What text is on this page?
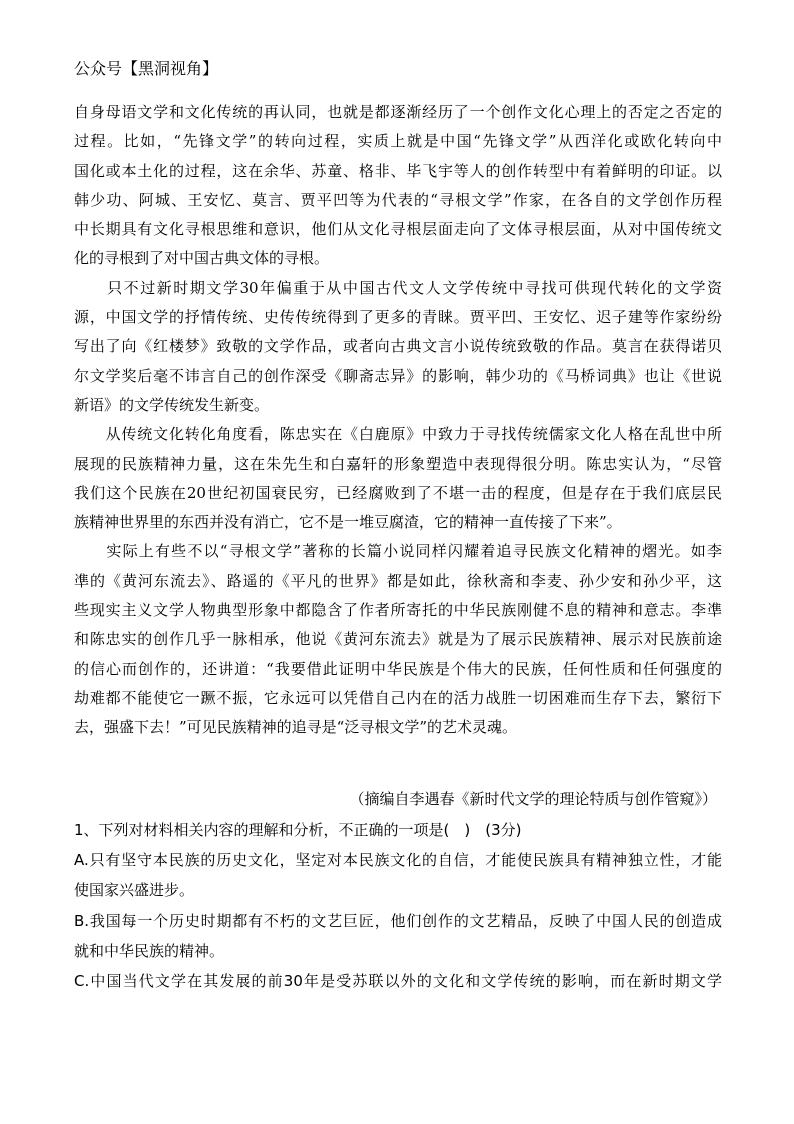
公众号【黑洞视角】
自身母语文学和文化传统的再认同，也就是都逐渐经历了一个创作文化心理上的否定之否定的
过程。比如，“先锋文学”的转向过程，实质上就是中国“先锋文学”从西洋化或欧化转向中
国化或本土化的过程，这在余华、苏童、格非、毕飞宇等人的创作转型中有着鲜明的印证。以
韩少功、阿城、王安忆、莫言、贾平凹等为代表的“寻根文学”作家，在各自的文学创作历程
中长期具有文化寻根思维和意识，他们从文化寻根层面走向了文体寻根层面，从对中国传统文
化的寻根到了对中国古典文体的寻根。
　　只不过新时期文学30年偏重于从中国古代文人文学传统中寻找可供现代转化的文学资
源，中国文学的抒情传统、史传传统得到了更多的青睐。贾平凹、王安忆、迟子建等作家纷纷
写出了向《红楼梦》致敬的文学作品，或者向古典文言小说传统致敬的作品。莫言在获得诺贝
尔文学奖后毫不讳言自己的创作深受《聊斋志异》的影响，韩少功的《马桥词典》也让《世说
新语》的文学传统发生新变。
　　从传统文化转化角度看，陈忠实在《白鹿原》中致力于寻找传统儒家文化人格在乱世中所
展现的民族精神力量，这在朱先生和白嘉轩的形象塑造中表现得很分明。陈忠实认为，“尽管
我们这个民族在20世纪初国衰民穷，已经腐败到了不堪一击的程度，但是存在于我们底层民
族精神世界里的东西并没有消亡，它不是一堆豆腐渣，它的精神一直传接了下来”。
　　实际上有些不以“寻根文学”著称的长篇小说同样闪耀着追寻民族文化精神的熠光。如李
凖的《黄河东流去》、路遥的《平凡的世界》都是如此，徐秋斋和李麦、孙少安和孙少平，这
些现实主义文学人物典型形象中都隐含了作者所寄托的中华民族刚健不息的精神和意志。李凖
和陈忠实的创作几乎一脉相承，他说《黄河东流去》就是为了展示民族精神、展示对民族前途
的信心而创作的，还讲道：“我要借此证明中华民族是个伟大的民族，任何性质和任何强度的
劫难都不能使它一蹶不振，它永远可以凭借自己内在的活力战胜一切困难而生存下去，繁衍下
去，强盛下去！”可见民族精神的追寻是“泛寻根文学”的艺术灵魂。
（摘编自李遇春《新时代文学的理论特质与创作管窥》）
1、下列对材料相关内容的理解和分析，不正确的一项是(　)　(3分)
A.只有坚守本民族的历史文化，坚定对本民族文化的自信，才能使民族具有精神独立性，才能
使国家兴盛进步。
B.我国每一个历史时期都有不朽的文艺巨匠，他们创作的文艺精品，反映了中国人民的创造成
就和中华民族的精神。
C.中国当代文学在其发展的前30年是受苏联以外的文化和文学传统的影响，而在新时期文学
